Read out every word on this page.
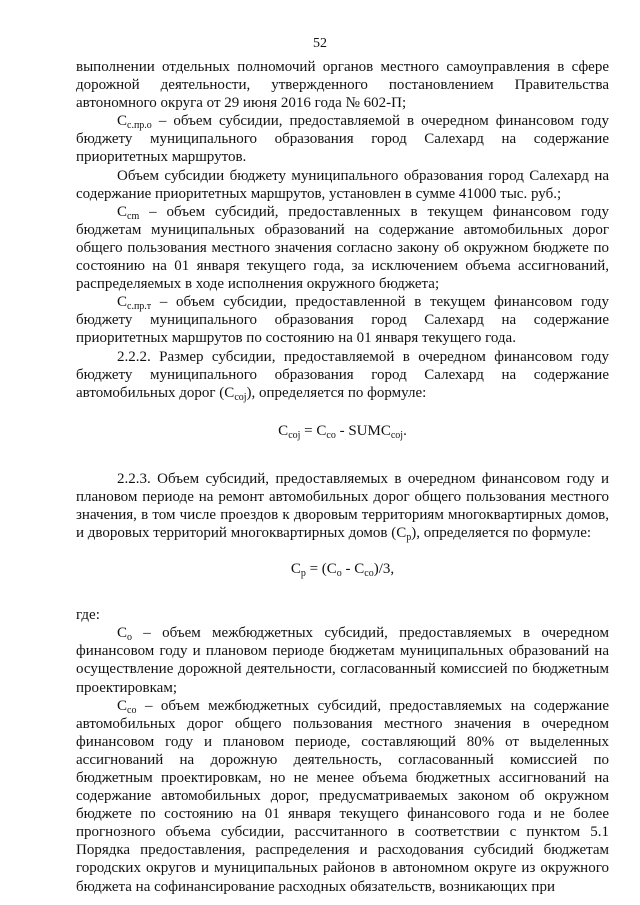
52

выполнении отдельных полномочий органов местного самоуправления в сфере дорожной деятельности, утвержденного постановлением Правительства автономного округа от 29 июня 2016 года № 602-П;

$С_{с.пр.о}$ – объем субсидии, предоставляемой в очередном финансовом году бюджету муниципального образования город Салехард на содержание приоритетных маршрутов.

Объем субсидии бюджету муниципального образования город Салехард на содержание приоритетных маршрутов, установлен в сумме 41000 тыс. руб.;

$С_{сm}$ – объем субсидий, предоставленных в текущем финансовом году бюджетам муниципальных образований на содержание автомобильных дорог общего пользования местного значения согласно закону об окружном бюджете по состоянию на 01 января текущего года, за исключением объема ассигнований, распределяемых в ходе исполнения окружного бюджета;

$С_{с.пр.т}$ – объем субсидии, предоставленной в текущем финансовом году бюджету муниципального образования город Салехард на содержание приоритетных маршрутов по состоянию на 01 января текущего года.

2.2.2. Размер субсидии, предоставляемой в очередном финансовом году бюджету муниципального образования город Салехард на содержание автомобильных дорог $(С_{coj})$, определяется по формуле:

$С_{coj} = С_{co}$ - $SUMC_{coj}$.

2.2.3. Объем субсидий, предоставляемых в очередном финансовом году и плановом периоде на ремонт автомобильных дорог общего пользования местного значения, в том числе проездов к дворовым территориям многоквартирных домов, и дворовых территорий многоквартирных домов $(С_р)$, определяется по формуле:

$С_р = (С_о - С_{со})/3$,

где:

$С_о$ – объем межбюджетных субсидий, предоставляемых в очередном финансовом году и плановом периоде бюджетам муниципальных образований на осуществление дорожной деятельности, согласованный комиссией по бюджетным проектировкам;

$С_{со}$ – объем межбюджетных субсидий, предоставляемых на содержание автомобильных дорог общего пользования местного значения в очередном финансовом году и плановом периоде, составляющий 80% от выделенных ассигнований на дорожную деятельность, согласованный комиссией по бюджетным проектировкам, но не менее объема бюджетных ассигнований на содержание автомобильных дорог, предусматриваемых законом об окружном бюджете по состоянию на 01 января текущего финансового года и не более прогнозного объема субсидии, рассчитанного в соответствии с пунктом 5.1 Порядка предоставления, распределения и расходования субсидий бюджетам городских округов и муниципальных районов в автономном округе из окружного бюджета на софинансирование расходных обязательств, возникающих при
